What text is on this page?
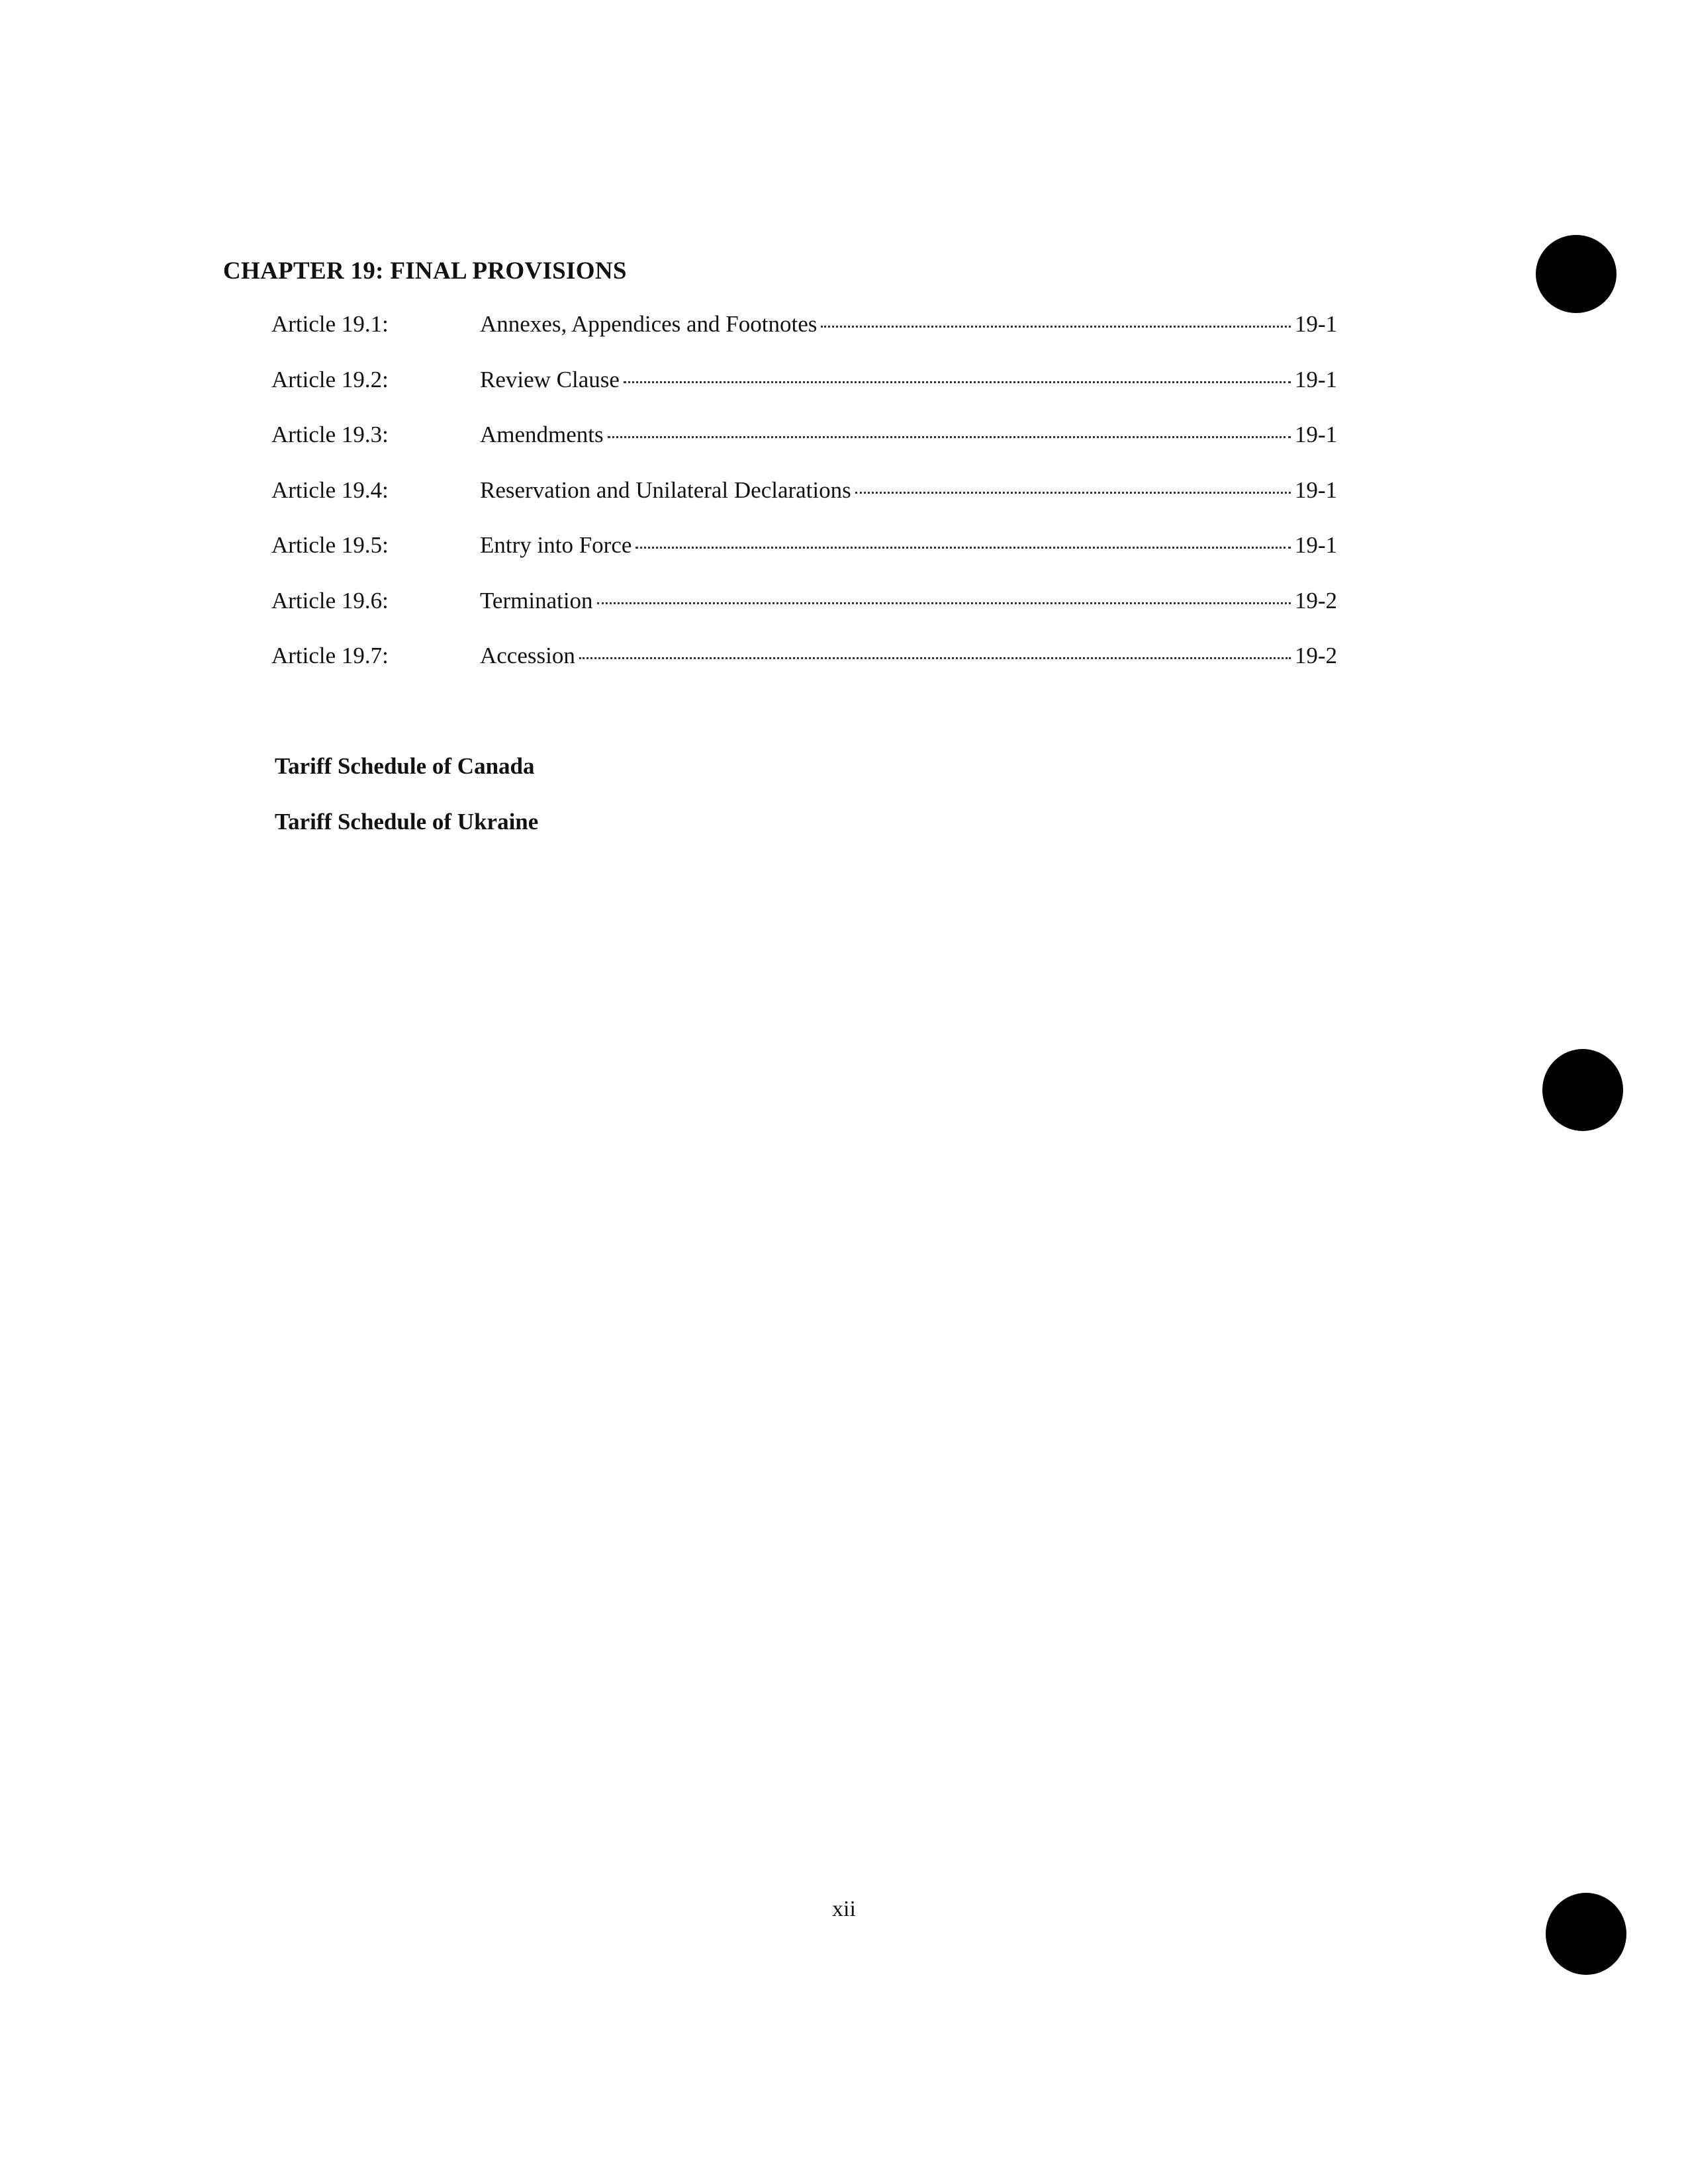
CHAPTER 19: FINAL PROVISIONS
Article 19.1:	Annexes, Appendices and Footnotes	19-1
Article 19.2:	Review Clause	19-1
Article 19.3:	Amendments	19-1
Article 19.4:	Reservation and Unilateral Declarations	19-1
Article 19.5:	Entry into Force	19-1
Article 19.6:	Termination	19-2
Article 19.7:	Accession	19-2
Tariff Schedule of Canada
Tariff Schedule of Ukraine
xii
